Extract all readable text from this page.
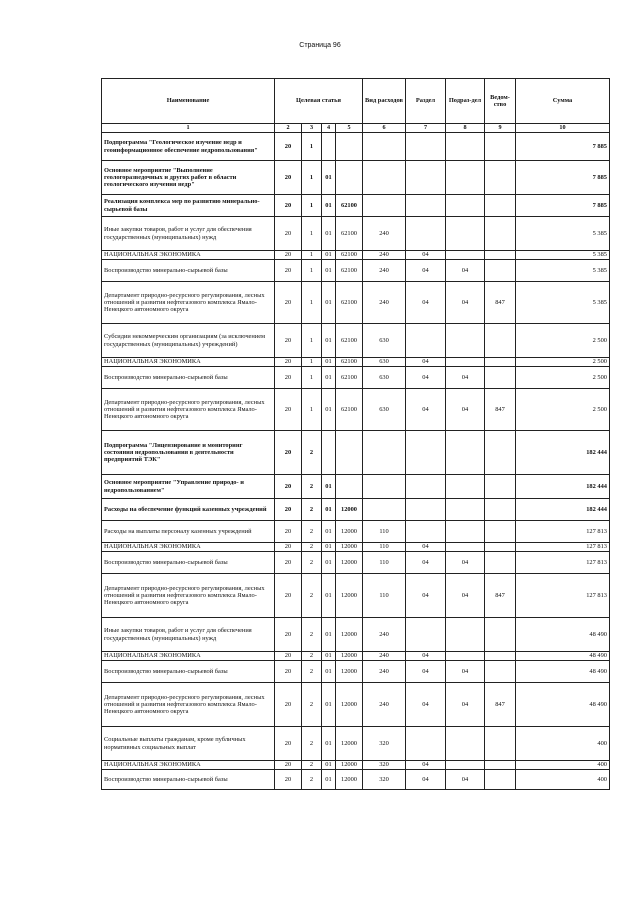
Страница 96
Наименование	Целевая статья				Вид расходов	Раздел	Подраз-дел	Ведом-ство	Сумма
1	2	3	4	5	6	7	8	9	10
Подпрограмма "Геологическое изучение недр и геоинформационное обеспечение недропользования"	20	1							7 885
Основное мероприятие "Выполнение геологоразведочных и других работ в области геологического изучения недр"	20	1	01						7 885
Реализация комплекса мер по развитию минерально-сырьевой базы	20	1	01	62100					7 885
Иные закупки товаров, работ и услуг для обеспечения государственных (муниципальных) нужд	20	1	01	62100	240				5 385
НАЦИОНАЛЬНАЯ ЭКОНОМИКА	20	1	01	62100	240	04			5 385
Воспроизводство минерально-сырьевой базы	20	1	01	62100	240	04	04		5 385
Департамент природно-ресурсного регулирования, лесных отношений и развития нефтегазового комплекса Ямало-Ненецкого автономного округа	20	1	01	62100	240	04	04	847	5 385
Субсидии некоммерческим организациям (за исключением государственных (муниципальных) учреждений)	20	1	01	62100	630				2 500
НАЦИОНАЛЬНАЯ ЭКОНОМИКА	20	1	01	62100	630	04			2 500
Воспроизводство минерально-сырьевой базы	20	1	01	62100	630	04	04		2 500
Департамент природно-ресурсного регулирования, лесных отношений и развития нефтегазового комплекса Ямало-Ненецкого автономного округа	20	1	01	62100	630	04	04	847	2 500
Подпрограмма "Лицензирование и мониторинг состояния недропользования в деятельности предприятий ТЭК"	20	2							182 444
Основное мероприятие "Управление природо- и недропользованием"	20	2	01						182 444
Расходы на обеспечение функций казенных учреждений	20	2	01	12000					182 444
Расходы на выплаты персоналу казенных учреждений	20	2	01	12000	110				127 813
НАЦИОНАЛЬНАЯ ЭКОНОМИКА	20	2	01	12000	110	04			127 813
Воспроизводство минерально-сырьевой базы	20	2	01	12000	110	04	04		127 813
Департамент природно-ресурсного регулирования, лесных отношений и развития нефтегазового комплекса Ямало-Ненецкого автономного округа	20	2	01	12000	110	04	04	847	127 813
Иные закупки товаров, работ и услуг для обеспечения государственных (муниципальных) нужд	20	2	01	12000	240				48 490
НАЦИОНАЛЬНАЯ ЭКОНОМИКА	20	2	01	12000	240	04			48 490
Воспроизводство минерально-сырьевой базы	20	2	01	12000	240	04	04		48 490
Департамент природно-ресурсного регулирования, лесных отношений и развития нефтегазового комплекса Ямало-Ненецкого автономного округа	20	2	01	12000	240	04	04	847	48 490
Социальные выплаты гражданам, кроме публичных нормативных социальных выплат	20	2	01	12000	320				400
НАЦИОНАЛЬНАЯ ЭКОНОМИКА	20	2	01	12000	320	04			400
Воспроизводство минерально-сырьевой базы	20	2	01	12000	320	04	04		400
